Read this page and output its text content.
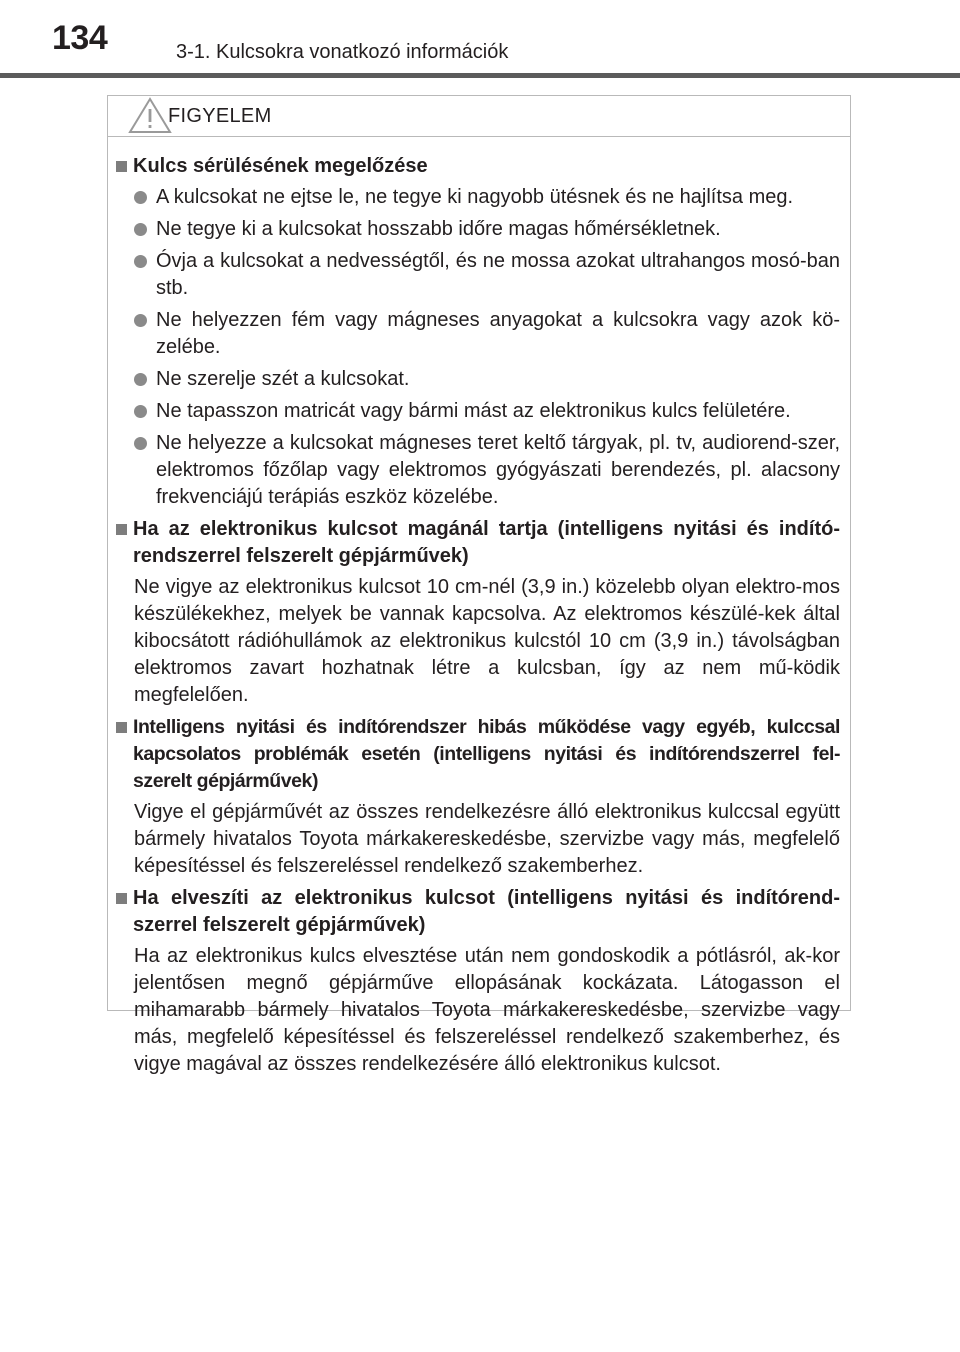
134	3-1. Kulcsokra vonatkozó információk
FIGYELEM
Kulcs sérülésének megelőzése
A kulcsokat ne ejtse le, ne tegye ki nagyobb ütésnek és ne hajlítsa meg.
Ne tegye ki a kulcsokat hosszabb időre magas hőmérsékletnek.
Óvja a kulcsokat a nedvességtől, és ne mossa azokat ultrahangos mosó-ban stb.
Ne helyezzen fém vagy mágneses anyagokat a kulcsokra vagy azok kö-zelébe.
Ne szerelje szét a kulcsokat.
Ne tapasszon matricát vagy bármi mást az elektronikus kulcs felületére.
Ne helyezze a kulcsokat mágneses teret keltő tárgyak, pl. tv, audiorend-szer, elektromos főzőlap vagy elektromos gyógyászati berendezés, pl. alacsony frekvenciájú terápiás eszköz közelébe.
Ha az elektronikus kulcsot magánál tartja (intelligens nyitási és indító-rendszerrel felszerelt gépjárművek)
Ne vigye az elektronikus kulcsot 10 cm-nél (3,9 in.) közelebb olyan elektro-mos készülékekhez, melyek be vannak kapcsolva. Az elektromos készülé-kek által kibocsátott rádióhullámok az elektronikus kulcstól 10 cm (3,9 in.) távolságban elektromos zavart hozhatnak létre a kulcsban, így az nem mű-ködik megfelelően.
Intelligens nyitási és indítórendszer hibás működése vagy egyéb, kulccsal kapcsolatos problémák esetén (intelligens nyitási és indítórendszerrel fel-szerelt gépjárművek)
Vigye el gépjárművét az összes rendelkezésre álló elektronikus kulccsal együtt bármely hivatalos Toyota márkakereskedésbe, szervizbe vagy más, megfelelő képesítéssel és felszereléssel rendelkező szakemberhez.
Ha elveszíti az elektronikus kulcsot (intelligens nyitási és indítórend-szerrel felszerelt gépjárművek)
Ha az elektronikus kulcs elvesztése után nem gondoskodik a pótlásról, ak-kor jelentősen megnő gépjárműve ellopásának kockázata. Látogasson el mihamarabb bármely hivatalos Toyota márkakereskedésbe, szervizbe vagy más, megfelelő képesítéssel és felszereléssel rendelkező szakemberhez, és vigye magával az összes rendelkezésére álló elektronikus kulcsot.
